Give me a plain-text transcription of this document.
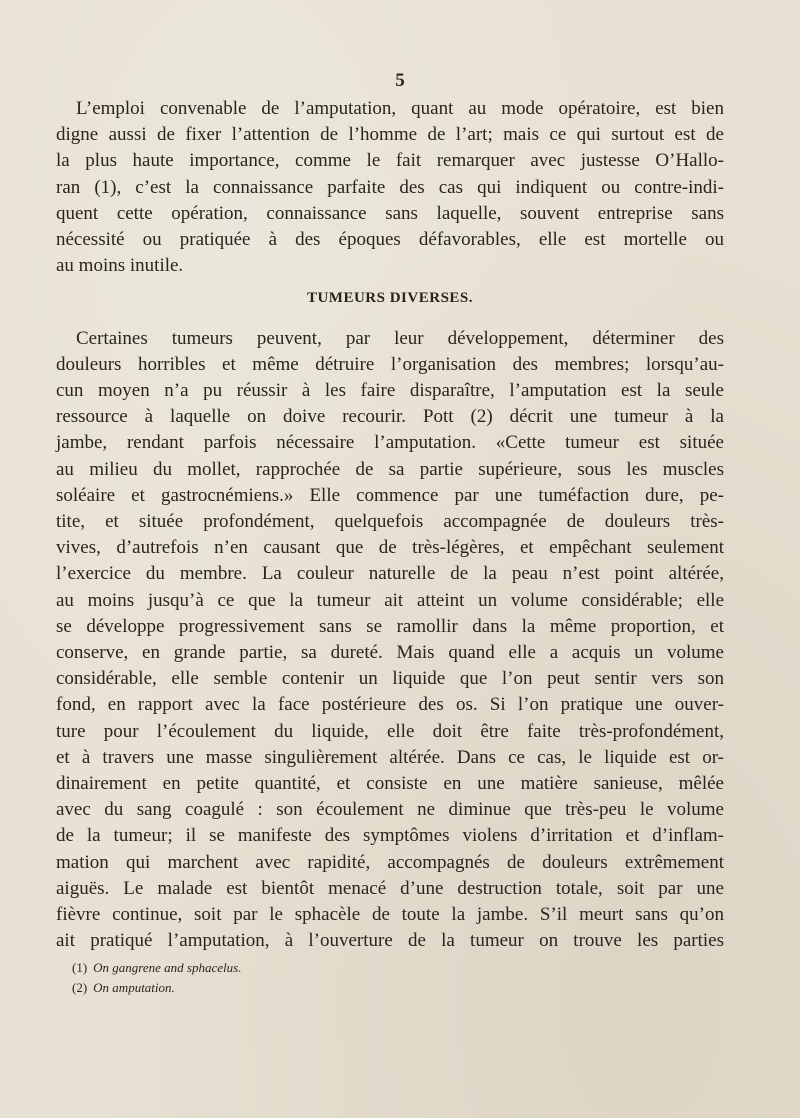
5
L’emploi convenable de l’amputation, quant au mode opératoire, est bien
digne aussi de fixer l’attention de l’homme de l’art; mais ce qui surtout est de
la plus haute importance, comme le fait remarquer avec justesse O’Hallo-
ran (1), c’est la connaissance parfaite des cas qui indiquent ou contre-indi-
quent cette opération, connaissance sans laquelle, souvent entreprise sans
nécessité ou pratiquée à des époques défavorables, elle est mortelle ou
au moins inutile.
TUMEURS DIVERSES.
Certaines tumeurs peuvent, par leur développement, déterminer des
douleurs horribles et même détruire l’organisation des membres; lorsqu’au-
cun moyen n’a pu réussir à les faire disparaître, l’amputation est la seule
ressource à laquelle on doive recourir. Pott (2) décrit une tumeur à la
jambe, rendant parfois nécessaire l’amputation. «Cette tumeur est située
au milieu du mollet, rapprochée de sa partie supérieure, sous les muscles
soléaire et gastrocnémiens.» Elle commence par une tuméfaction dure, pe-
tite, et située profondément, quelquefois accompagnée de douleurs très-
vives, d’autrefois n’en causant que de très-légères, et empêchant seulement
l’exercice du membre. La couleur naturelle de la peau n’est point altérée,
au moins jusqu’à ce que la tumeur ait atteint un volume considérable; elle
se développe progressivement sans se ramollir dans la même proportion, et
conserve, en grande partie, sa dureté. Mais quand elle a acquis un volume
considérable, elle semble contenir un liquide que l’on peut sentir vers son
fond, en rapport avec la face postérieure des os. Si l’on pratique une ouver-
ture pour l’écoulement du liquide, elle doit être faite très-profondément,
et à travers une masse singulièrement altérée. Dans ce cas, le liquide est or-
dinairement en petite quantité, et consiste en une matière sanieuse, mêlée
avec du sang coagulé : son écoulement ne diminue que très-peu le volume
de la tumeur; il se manifeste des symptômes violens d’irritation et d’inflam-
mation qui marchent avec rapidité, accompagnés de douleurs extrêmement
aiguës. Le malade est bientôt menacé d’une destruction totale, soit par une
fièvre continue, soit par le sphacèle de toute la jambe. S’il meurt sans qu’on
ait pratiqué l’amputation, à l’ouverture de la tumeur on trouve les parties
(1) On gangrene and sphacelus.
(2) On amputation.
